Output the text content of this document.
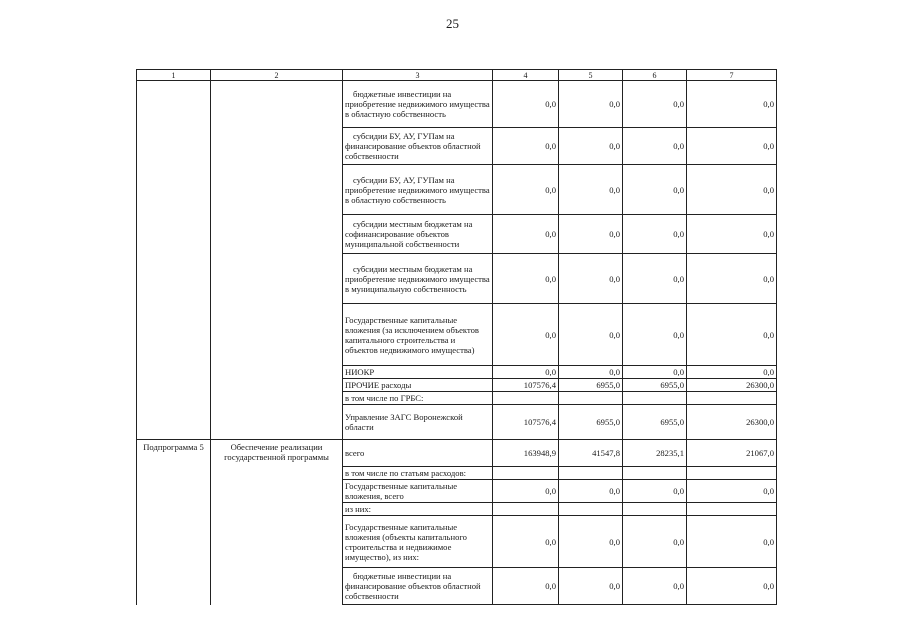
25
1	2	3	4	5	6	7
		бюджетные инвестиции на приобретение недвижимого имущества в областную собственность	0,0	0,0	0,0	0,0
		субсидии БУ, АУ, ГУПам на финансирование объектов областной собственности	0,0	0,0	0,0	0,0
		субсидии БУ, АУ, ГУПам на приобретение недвижимого имущества в областную собственность	0,0	0,0	0,0	0,0
		субсидии местным бюджетам на софинансирование объектов муниципальной собственности	0,0	0,0	0,0	0,0
		субсидии местным бюджетам на приобретение недвижимого имущества в муниципальную собственность	0,0	0,0	0,0	0,0
		Государственные капитальные вложения (за исключением объектов капитального строительства и объектов недвижимого имущества)	0,0	0,0	0,0	0,0
		НИОКР	0,0	0,0	0,0	0,0
		ПРОЧИЕ расходы	107576,4	6955,0	6955,0	26300,0
		в том числе по ГРБС:				
		Управление ЗАГС Воронежской области	107576,4	6955,0	6955,0	26300,0
Подпрограмма 5	Обеспечение реализации государственной программы	всего	163948,9	41547,8	28235,1	21067,0
		в том числе по статьям расходов:				
		Государственные капитальные вложения, всего	0,0	0,0	0,0	0,0
		из них:				
		Государственные капитальные вложения (объекты капитального строительства и недвижимое имущество), из них:	0,0	0,0	0,0	0,0
		бюджетные инвестиции на финансирование объектов областной собственности	0,0	0,0	0,0	0,0
